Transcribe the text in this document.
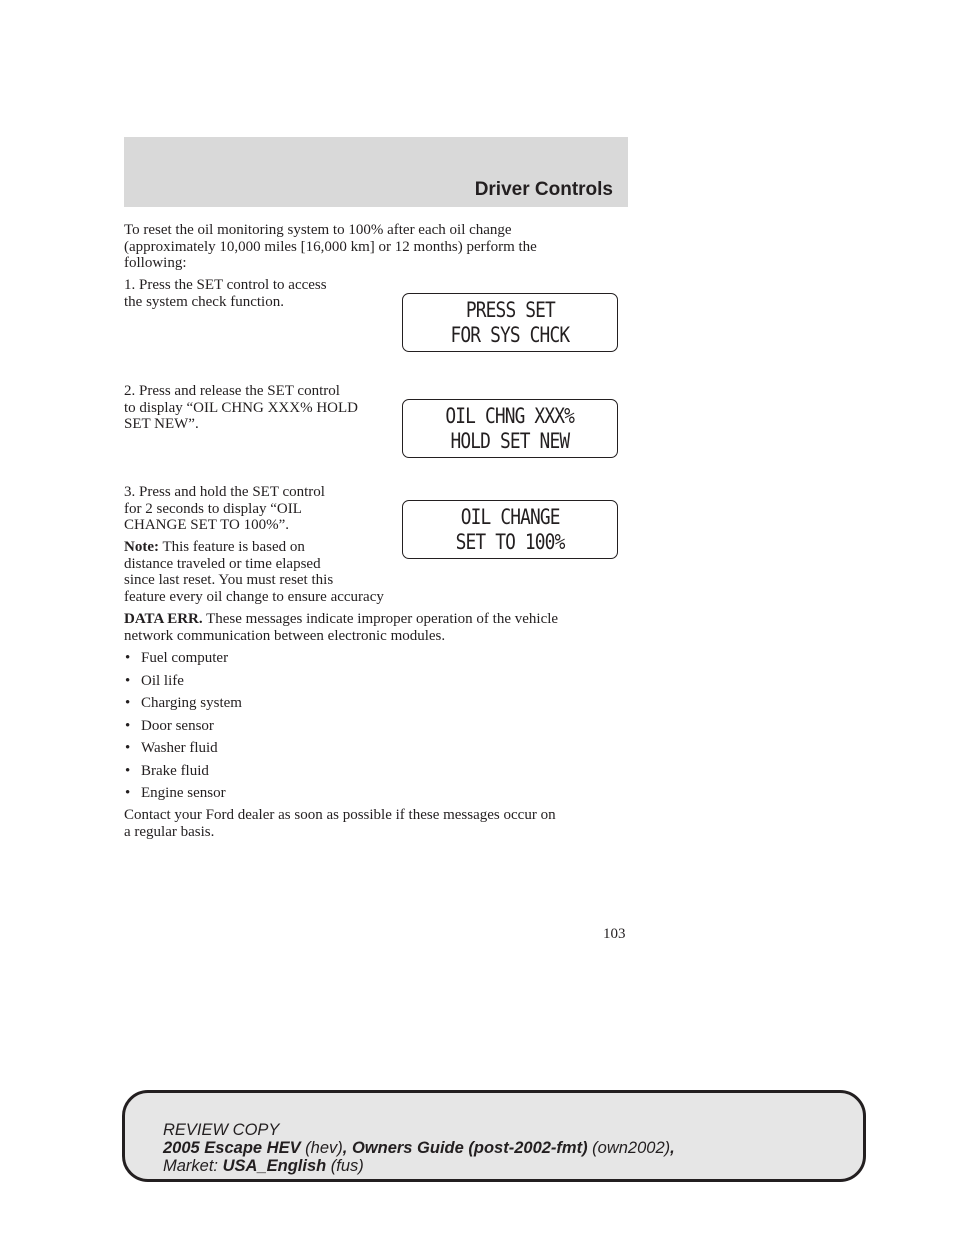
Driver Controls
To reset the oil monitoring system to 100% after each oil change
(approximately 10,000 miles [16,000 km] or 12 months) perform the
following:
1. Press the SET control to access
the system check function.	PRESS SET
FOR SYS CHCK
2. Press and release the SET control
to display “OIL CHNG XXX% HOLD
SET NEW”.	OIL CHNG XXX%
HOLD SET NEW
3. Press and hold the SET control
for 2 seconds to display “OIL
CHANGE SET TO 100%”.	OIL CHANGE
SET TO 100%
Note: This feature is based on
distance traveled or time elapsed
since last reset. You must reset this
feature every oil change to ensure accuracy
DATA ERR. These messages indicate improper operation of the vehicle
network communication between electronic modules.
• Fuel computer
• Oil life
• Charging system
• Door sensor
• Washer fluid
• Brake fluid
• Engine sensor
Contact your Ford dealer as soon as possible if these messages occur on
a regular basis.
103
REVIEW COPY
2005 Escape HEV (hev), Owners Guide (post-2002-fmt) (own2002),
Market: USA_English (fus)
